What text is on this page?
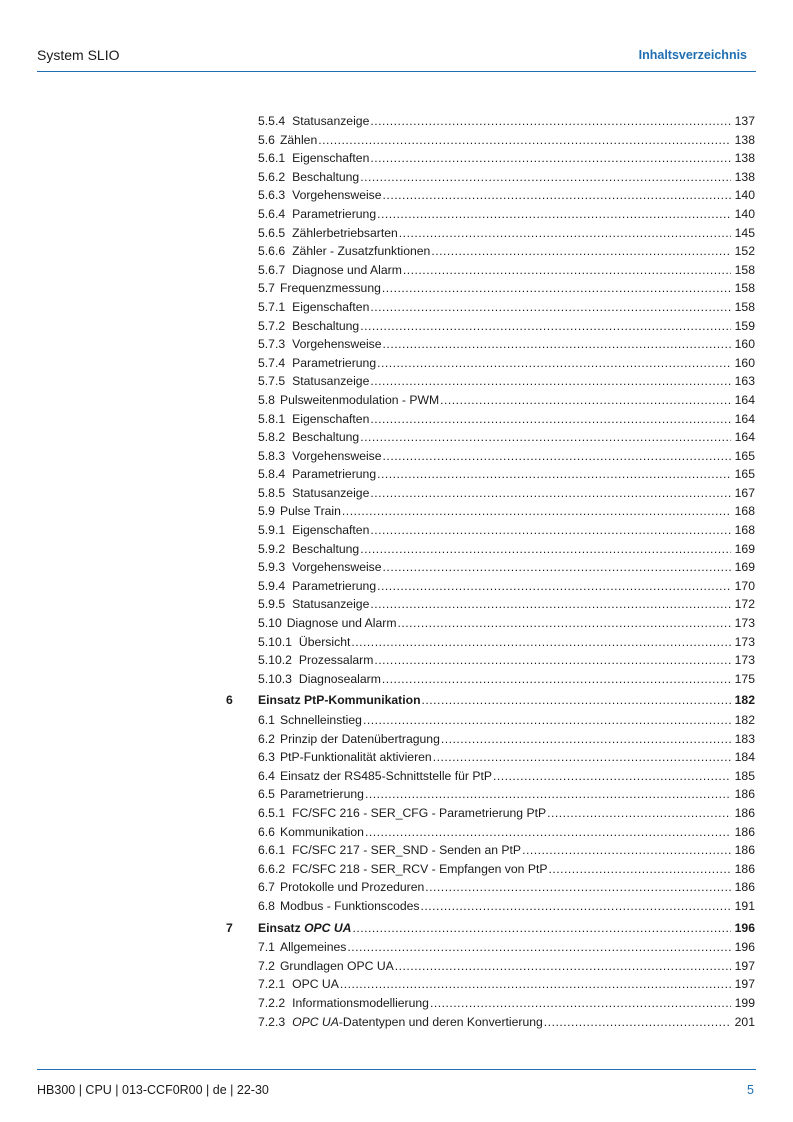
System SLIO	Inhaltsverzeichnis
5.5.4 Statusanzeige .....	137
5.6 Zählen .....	138
5.6.1 Eigenschaften .....	138
5.6.2 Beschaltung .....	138
5.6.3 Vorgehensweise .....	140
5.6.4 Parametrierung .....	140
5.6.5 Zählerbetriebsarten .....	145
5.6.6 Zähler - Zusatzfunktionen .....	152
5.6.7 Diagnose und Alarm .....	158
5.7 Frequenzmessung .....	158
5.7.1 Eigenschaften .....	158
5.7.2 Beschaltung .....	159
5.7.3 Vorgehensweise .....	160
5.7.4 Parametrierung .....	160
5.7.5 Statusanzeige .....	163
5.8 Pulsweitenmodulation - PWM .....	164
5.8.1 Eigenschaften .....	164
5.8.2 Beschaltung .....	164
5.8.3 Vorgehensweise .....	165
5.8.4 Parametrierung .....	165
5.8.5 Statusanzeige .....	167
5.9 Pulse Train .....	168
5.9.1 Eigenschaften .....	168
5.9.2 Beschaltung .....	169
5.9.3 Vorgehensweise .....	169
5.9.4 Parametrierung .....	170
5.9.5 Statusanzeige .....	172
5.10 Diagnose und Alarm .....	173
5.10.1 Übersicht .....	173
5.10.2 Prozessalarm .....	173
5.10.3 Diagnosealarm .....	175
6	Einsatz PtP-Kommunikation .....	182
6.1 Schnelleinstieg .....	182
6.2 Prinzip der Datenübertragung .....	183
6.3 PtP-Funktionalität aktivieren .....	184
6.4 Einsatz der RS485-Schnittstelle für PtP .....	185
6.5 Parametrierung .....	186
6.5.1 FC/SFC 216 - SER_CFG - Parametrierung PtP .....	186
6.6 Kommunikation .....	186
6.6.1 FC/SFC 217 - SER_SND - Senden an PtP .....	186
6.6.2 FC/SFC 218 - SER_RCV - Empfangen von PtP .....	186
6.7 Protokolle und Prozeduren .....	186
6.8 Modbus - Funktionscodes .....	191
7	Einsatz OPC UA .....	196
7.1 Allgemeines .....	196
7.2 Grundlagen OPC UA .....	197
7.2.1 OPC UA .....	197
7.2.2 Informationsmodellierung .....	199
7.2.3 OPC UA-Datentypen und deren Konvertierung .....	201
HB300 | CPU | 013-CCF0R00 | de | 22-30	5
